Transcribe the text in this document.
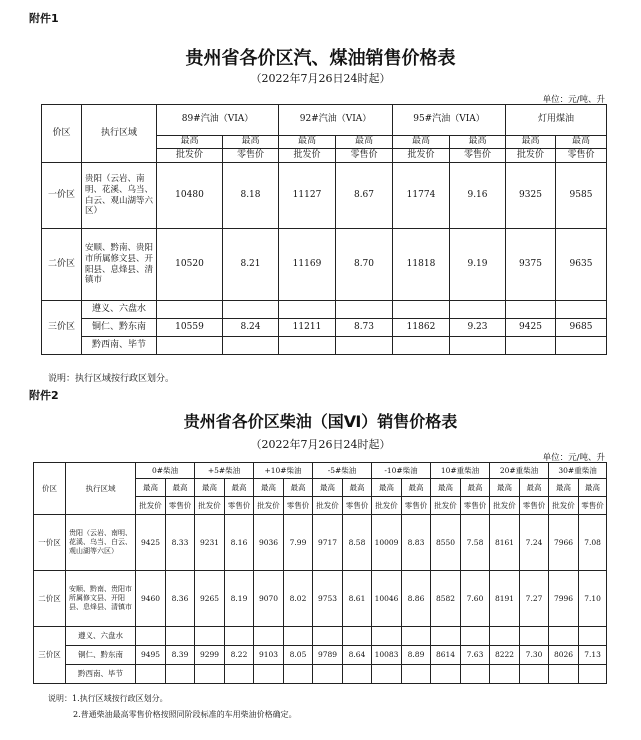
附件1
贵州省各价区汽、煤油销售价格表
（2022年7月26日24时起）
单位：元/吨、升
价区	执行区域	89#汽油（VIA）		92#汽油（VIA）		95#汽油（VIA）		灯用煤油	
		最高	最高	最高	最高	最高	最高	最高	最高
		批发价	零售价	批发价	零售价	批发价	零售价	批发价	零售价
一价区	贵阳（云岩、南明、花溪、乌当、白云、观山湖等六区）	10480	8.18	11127	8.67	11774	9.16	9325	9585
二价区	安顺、黔南、贵阳市所属修文县、开阳县、息烽县、清镇市	10520	8.21	11169	8.70	11818	9.19	9375	9635
三价区	遵义、六盘水								
	铜仁、黔东南	10559	8.24	11211	8.73	11862	9.23	9425	9685
	黔西南、毕节								
说明：执行区域按行政区划分。
附件2
贵州省各价区柴油（国Ⅵ）销售价格表
（2022年7月26日24时起）
单位：元/吨、升
价区	执行区域	0#柴油		+5#柴油		+10#柴油		-5#柴油		-10#柴油		10#重柴油		20#重柴油		30#重柴油	
		最高	最高	最高	最高	最高	最高	最高	最高	最高	最高	最高	最高	最高	最高	最高	最高
		批发价	零售价	批发价	零售价	批发价	零售价	批发价	零售价	批发价	零售价	批发价	零售价	批发价	零售价	批发价	零售价
一价区	贵阳（云岩、南明、花溪、乌当、白云、观山湖等六区）	9425	8.33	9231	8.16	9036	7.99	9717	8.58	10009	8.83	8550	7.58	8161	7.24	7966	7.08
二价区	安顺、黔南、贵阳市所属修文县、开阳县、息烽县、清镇市	9460	8.36	9265	8.19	9070	8.02	9753	8.61	10046	8.86	8582	7.60	8191	7.27	7996	7.10
三价区	遵义、六盘水																
	铜仁、黔东南	9495	8.39	9299	8.22	9103	8.05	9789	8.64	10083	8.89	8614	7.63	8222	7.30	8026	7.13
	黔西南、毕节																
说明：1.执行区域按行政区划分。
2.普通柴油最高零售价格按照同阶段标准的车用柴油价格确定。
